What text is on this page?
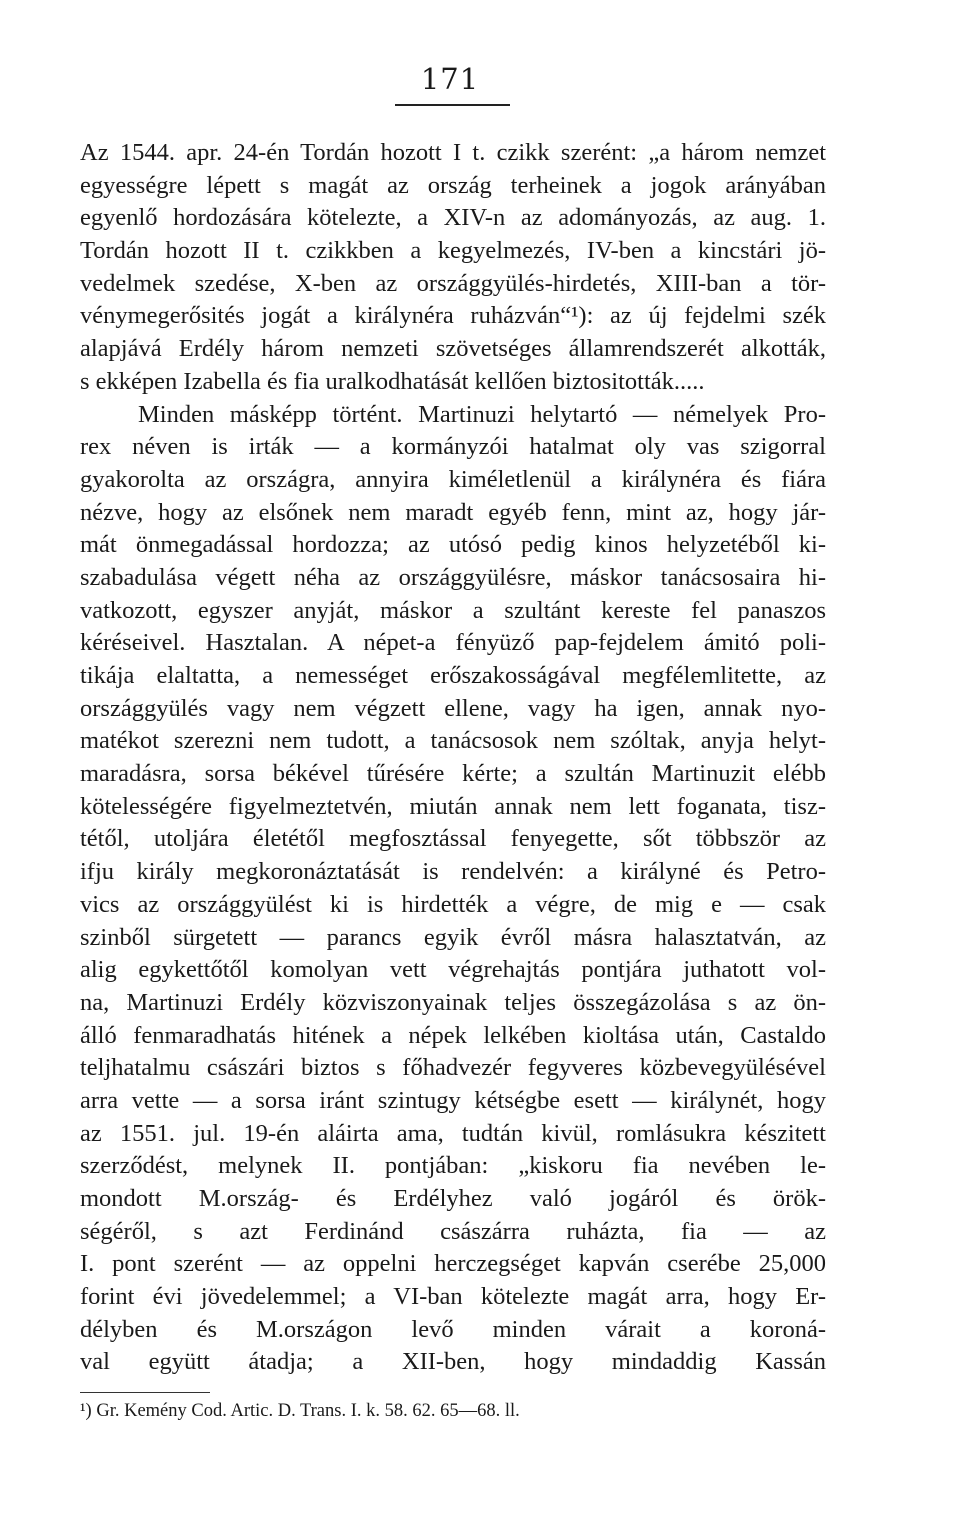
171
Az 1544. apr. 24-én Tordán hozott I t. czikk szerént: „a három nemzet
egyességre lépett s magát az ország terheinek a jogok arányában
egyenlő hordozására kötelezte, a XIV-n az adományozás, az aug. 1.
Tordán hozott II t. czikkben a kegyelmezés, IV-ben a kincstári jö-
vedelmek szedése, X-ben az országgyülés-hirdetés, XIII-ban a tör-
vénymegerősités jogát a királynéra ruházván“¹): az új fejdelmi szék
alapjává Erdély három nemzeti szövetséges államrendszerét alkották,
s ekképen Izabella és fia uralkodhatását kellően biztositották.....
Minden másképp történt. Martinuzi helytartó — némelyek Pro-
rex néven is irták — a kormányzói hatalmat oly vas szigorral
gyakorolta az országra, annyira kiméletlenül a királynéra és fiára
nézve, hogy az elsőnek nem maradt egyéb fenn, mint az, hogy jár-
mát önmegadással hordozza; az utósó pedig kinos helyzetéből ki-
szabadulása végett néha az országgyülésre, máskor tanácsosaira hi-
vatkozott, egyszer anyját, máskor a szultánt kereste fel panaszos
kéréseivel. Hasztalan. A népet-a fényüző pap-fejdelem ámitó poli-
tikája elaltatta, a nemességet erőszakosságával megfélemlitette, az
országgyülés vagy nem végzett ellene, vagy ha igen, annak nyo-
matékot szerezni nem tudott, a tanácsosok nem szóltak, anyja helyt-
maradásra, sorsa békével tűrésére kérte; a szultán Martinuzit elébb
kötelességére figyelmeztetvén, miután annak nem lett foganata, tisz-
tétől, utoljára életétől megfosztással fenyegette, sőt többször az
ifju király megkoronáztatását is rendelvén: a királyné és Petro-
vics az országgyülést ki is hirdették a végre, de mig e — csak
szinből sürgetett — parancs egyik évről másra halasztatván, az
alig egykettőtől komolyan vett végrehajtás pontjára juthatott vol-
na, Martinuzi Erdély közviszonyainak teljes összegázolása s az ön-
álló fenmaradhatás hitének a népek lelkében kioltása után, Castaldo
teljhatalmu császári biztos s főhadvezér fegyveres közbevegyülésével
arra vette — a sorsa iránt szintugy kétségbe esett — királynét, hogy
az 1551. jul. 19-én aláirta ama, tudtán kivül, romlásukra készitett
szerződést, melynek II. pontjában: „kiskoru fia nevében le-
mondott M.ország- és Erdélyhez való jogáról és örök-
ségéről, s azt Ferdinánd császárra ruházta, fia — az
I. pont szerént — az oppelni herczegséget kapván cserébe 25,000
forint évi jövedelemmel; a VI-ban kötelezte magát arra, hogy Er-
délyben és M.országon levő minden várait a koroná-
val együtt átadja; a XII-ben, hogy mindaddig Kassán
¹) Gr. Kemény Cod. Artic. D. Trans. I. k. 58. 62. 65—68. ll.
